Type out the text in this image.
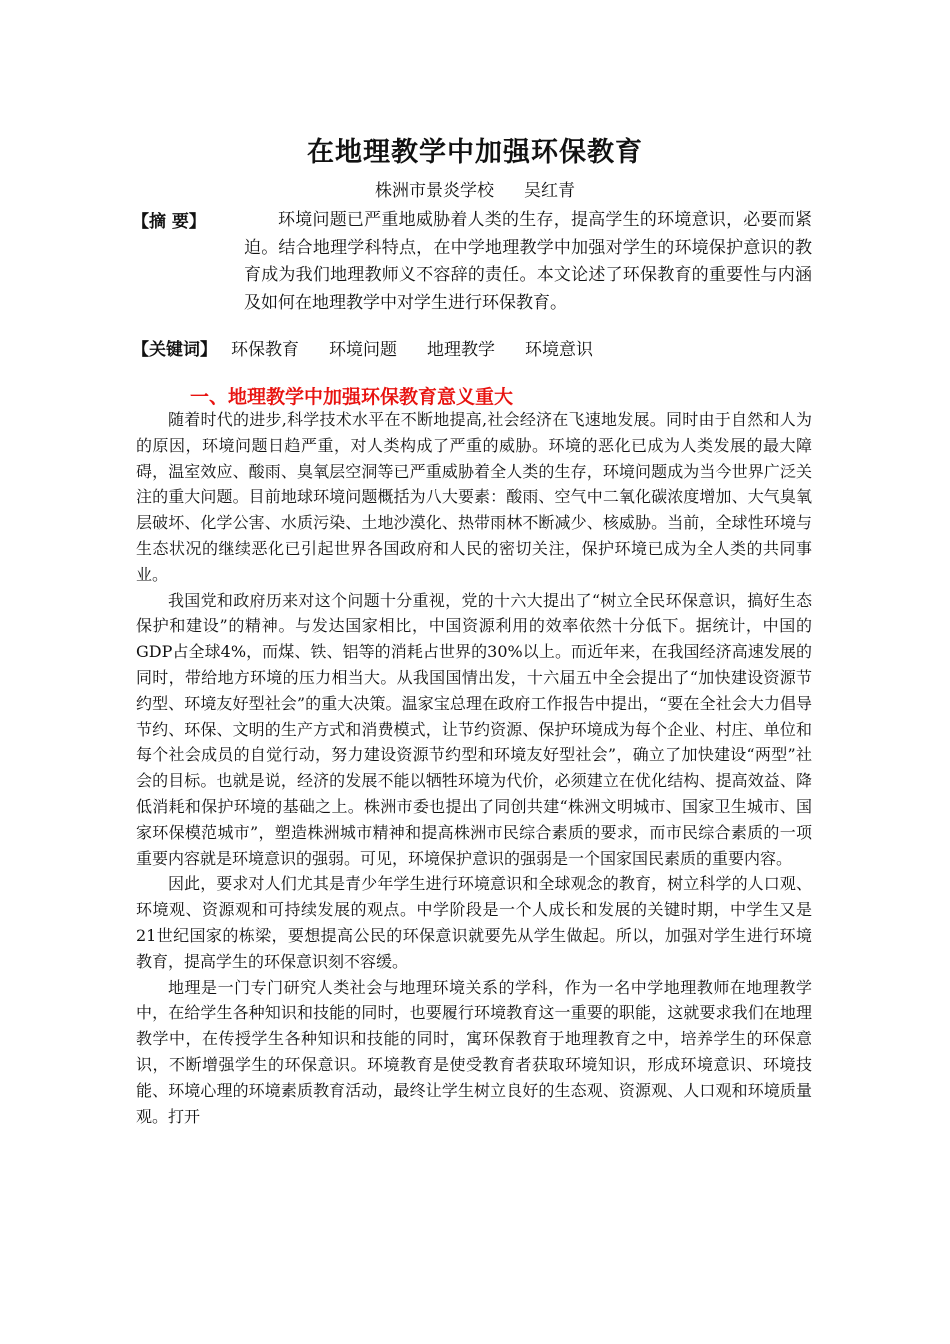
在地理教学中加强环保教育
株洲市景炎学校 吴红青
【摘 要】	环境问题已严重地威胁着人类的生存，提高学生的环境意识，必要而紧迫。结合地理学科特点，在中学地理教学中加强对学生的环境保护意识的教育成为我们地理教师义不容辞的责任。本文论述了环保教育的重要性与内涵及如何在地理教学中对学生进行环保教育。

【关键词】 环保教育 环境问题 地理教学 环境意识
一、地理教学中加强环保教育意义重大

随着时代的进步,科学技术水平在不断地提高,社会经济在飞速地发展。同时由于自然和人为的原因，环境问题日趋严重，对人类构成了严重的威胁。环境的恶化已成为人类发展的最大障碍，温室效应、酸雨、臭氧层空洞等已严重威胁着全人类的生存，环境问题成为当今世界广泛关注的重大问题。目前地球环境问题概括为八大要素：酸雨、空气中二氧化碳浓度增加、大气臭氧层破坏、化学公害、水质污染、土地沙漠化、热带雨林不断减少、核威胁。当前，全球性环境与生态状况的继续恶化已引起世界各国政府和人民的密切关注，保护环境已成为全人类的共同事业。

我国党和政府历来对这个问题十分重视，党的十六大提出了“树立全民环保意识，搞好生态保护和建设”的精神。与发达国家相比，中国资源利用的效率依然十分低下。据统计，中国的GDP占全球4%，而煤、铁、铝等的消耗占世界的30%以上。而近年来，在我国经济高速发展的同时，带给地方环境的压力相当大。从我国国情出发，十六届五中全会提出了“加快建设资源节约型、环境友好型社会”的重大决策。温家宝总理在政府工作报告中提出，“要在全社会大力倡导节约、环保、文明的生产方式和消费模式，让节约资源、保护环境成为每个企业、村庄、单位和每个社会成员的自觉行动，努力建设资源节约型和环境友好型社会”，确立了加快建设“两型”社会的目标。也就是说，经济的发展不能以牺牲环境为代价，必须建立在优化结构、提高效益、降低消耗和保护环境的基础之上。株洲市委也提出了同创共建“株洲文明城市、国家卫生城市、国家环保模范城市”，塑造株洲城市精神和提高株洲市民综合素质的要求，而市民综合素质的一项重要内容就是环境意识的强弱。可见，环境保护意识的强弱是一个国家国民素质的重要内容。

因此，要求对人们尤其是青少年学生进行环境意识和全球观念的教育，树立科学的人口观、环境观、资源观和可持续发展的观点。中学阶段是一个人成长和发展的关键时期，中学生又是21世纪国家的栋梁，要想提高公民的环保意识就要先从学生做起。所以，加强对学生进行环境教育，提高学生的环保意识刻不容缓。

地理是一门专门研究人类社会与地理环境关系的学科，作为一名中学地理教师在地理教学中，在给学生各种知识和技能的同时，也要履行环境教育这一重要的职能，这就要求我们在地理教学中，在传授学生各种知识和技能的同时，寓环保教育于地理教育之中，培养学生的环保意识，不断增强学生的环保意识。环境教育是使受教育者获取环境知识，形成环境意识、环境技能、环境心理的环境素质教育活动，最终让学生树立良好的生态观、资源观、人口观和环境质量观。打开
